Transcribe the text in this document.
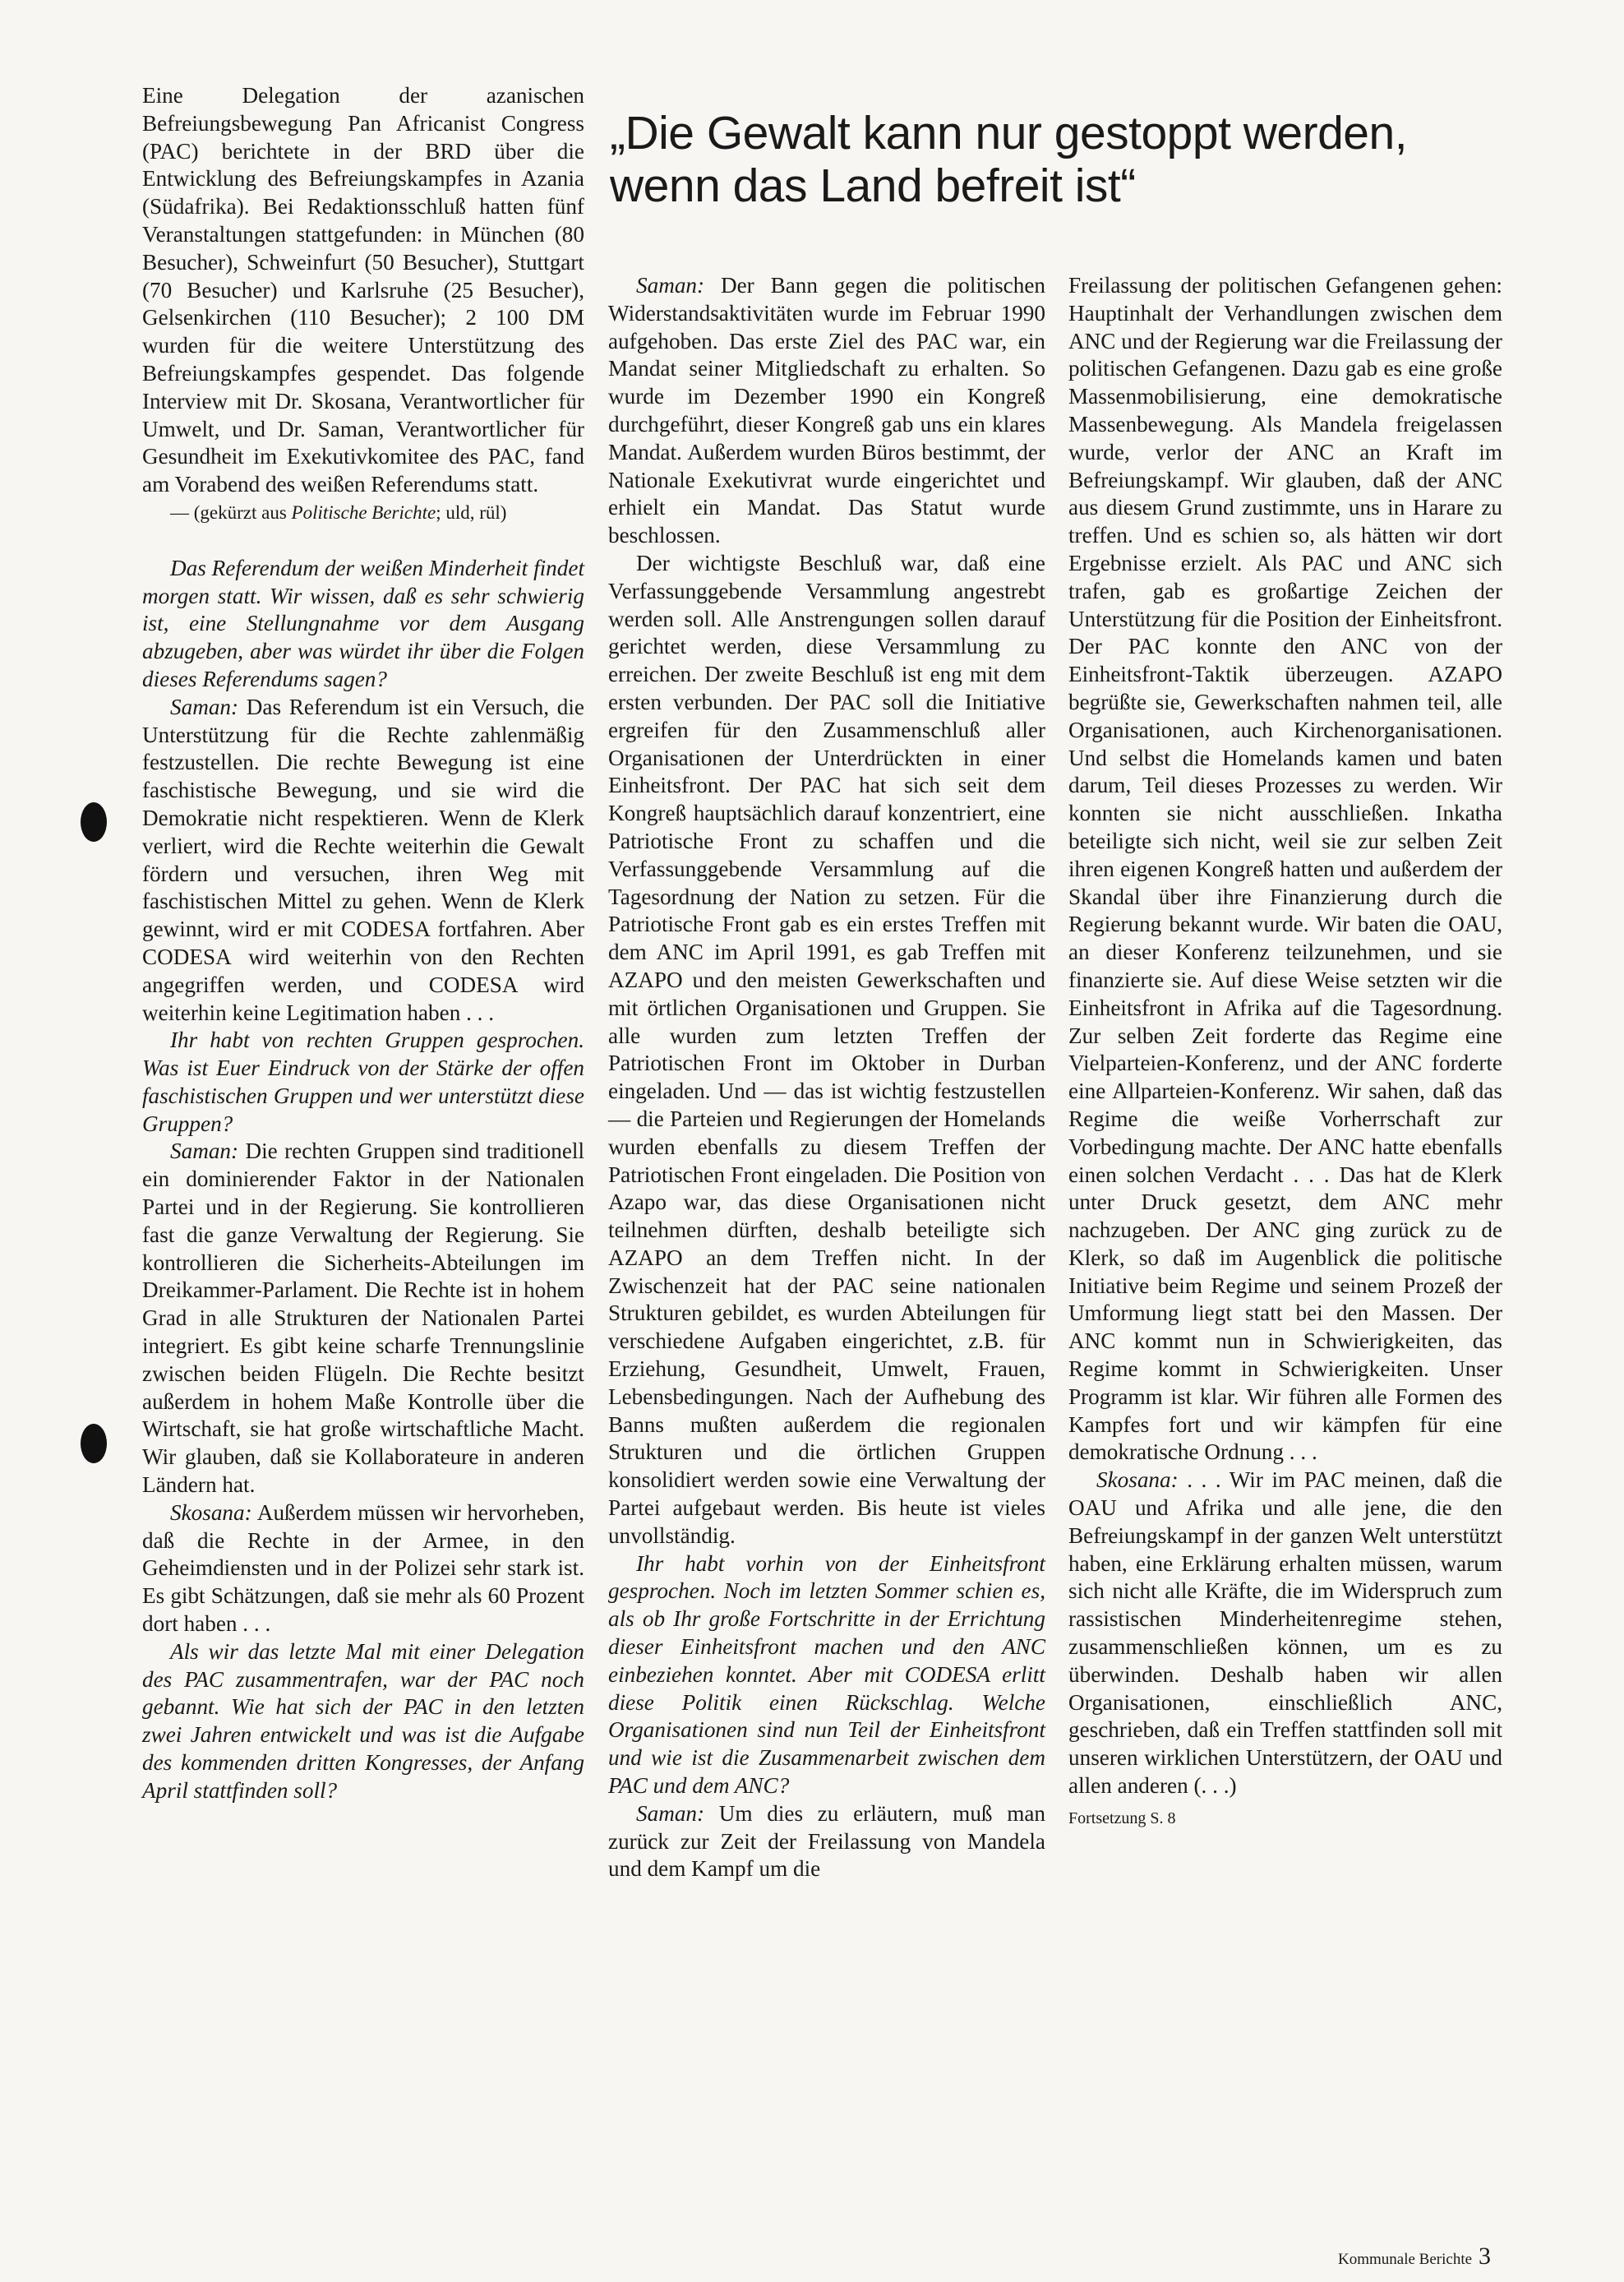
Eine Delegation der azanischen Befreiungsbewegung Pan Africanist Congress (PAC) berichtete in der BRD über die Entwicklung des Befreiungskampfes in Azania (Südafrika). Bei Redaktionsschluß hatten fünf Veranstaltungen stattgefunden: in München (80 Besucher), Schweinfurt (50 Besucher), Stuttgart (70 Besucher) und Karlsruhe (25 Besucher), Gelsenkirchen (110 Besucher); 2 100 DM wurden für die weitere Unterstützung des Befreiungskampfes gespendet. Das folgende Interview mit Dr. Skosana, Verantwortlicher für Umwelt, und Dr. Saman, Verantwortlicher für Gesundheit im Exekutivkomitee des PAC, fand am Vorabend des weißen Referendums statt.

— (gekürzt aus Politische Berichte; uld, rül)

Das Referendum der weißen Minderheit findet morgen statt. Wir wissen, daß es sehr schwierig ist, eine Stellungnahme vor dem Ausgang abzugeben, aber was würdet ihr über die Folgen dieses Referendums sagen?

Saman: Das Referendum ist ein Versuch, die Unterstützung für die Rechte zahlenmäßig festzustellen. Die rechte Bewegung ist eine faschistische Bewegung, und sie wird die Demokratie nicht respektieren. Wenn de Klerk verliert, wird die Rechte weiterhin die Gewalt fördern und versuchen, ihren Weg mit faschistischen Mittel zu gehen. Wenn de Klerk gewinnt, wird er mit CODESA fortfahren. Aber CODESA wird weiterhin von den Rechten angegriffen werden, und CODESA wird weiterhin keine Legitimation haben . . .

Ihr habt von rechten Gruppen gesprochen. Was ist Euer Eindruck von der Stärke der offen faschistischen Gruppen und wer unterstützt diese Gruppen?

Saman: Die rechten Gruppen sind traditionell ein dominierender Faktor in der Nationalen Partei und in der Regierung. Sie kontrollieren fast die ganze Verwaltung der Regierung. Sie kontrollieren die Sicherheits-Abteilungen im Dreikammer-Parlament. Die Rechte ist in hohem Grad in alle Strukturen der Nationalen Partei integriert. Es gibt keine scharfe Trennungslinie zwischen beiden Flügeln. Die Rechte besitzt außerdem in hohem Maße Kontrolle über die Wirtschaft, sie hat große wirtschaftliche Macht. Wir glauben, daß sie Kollaborateure in anderen Ländern hat.

Skosana: Außerdem müssen wir hervorheben, daß die Rechte in der Armee, in den Geheimdiensten und in der Polizei sehr stark ist. Es gibt Schätzungen, daß sie mehr als 60 Prozent dort haben . . .

Als wir das letzte Mal mit einer Delegation des PAC zusammentrafen, war der PAC noch gebannt. Wie hat sich der PAC in den letzten zwei Jahren entwickelt und was ist die Aufgabe des kommenden dritten Kongresses, der Anfang April stattfinden soll?

„Die Gewalt kann nur gestoppt werden, wenn das Land befreit ist“

Saman: Der Bann gegen die politischen Widerstandsaktivitäten wurde im Februar 1990 aufgehoben. Das erste Ziel des PAC war, ein Mandat seiner Mitgliedschaft zu erhalten. So wurde im Dezember 1990 ein Kongreß durchgeführt, dieser Kongreß gab uns ein klares Mandat. Außerdem wurden Büros bestimmt, der Nationale Exekutivrat wurde eingerichtet und erhielt ein Mandat. Das Statut wurde beschlossen.

Der wichtigste Beschluß war, daß eine Verfassunggebende Versammlung angestrebt werden soll. Alle Anstrengungen sollen darauf gerichtet werden, diese Versammlung zu erreichen. Der zweite Beschluß ist eng mit dem ersten verbunden. Der PAC soll die Initiative ergreifen für den Zusammenschluß aller Organisationen der Unterdrückten in einer Einheitsfront. Der PAC hat sich seit dem Kongreß hauptsächlich darauf konzentriert, eine Patriotische Front zu schaffen und die Verfassunggebende Versammlung auf die Tagesordnung der Nation zu setzen. Für die Patriotische Front gab es ein erstes Treffen mit dem ANC im April 1991, es gab Treffen mit AZAPO und den meisten Gewerkschaften und mit örtlichen Organisationen und Gruppen. Sie alle wurden zum letzten Treffen der Patriotischen Front im Oktober in Durban eingeladen. Und — das ist wichtig festzustellen — die Parteien und Regierungen der Homelands wurden ebenfalls zu diesem Treffen der Patriotischen Front eingeladen. Die Position von Azapo war, das diese Organisationen nicht teilnehmen dürften, deshalb beteiligte sich AZAPO an dem Treffen nicht. In der Zwischenzeit hat der PAC seine nationalen Strukturen gebildet, es wurden Abteilungen für verschiedene Aufgaben eingerichtet, z.B. für Erziehung, Gesundheit, Umwelt, Frauen, Lebensbedingungen. Nach der Aufhebung des Banns mußten außerdem die regionalen Strukturen und die örtlichen Gruppen konsolidiert werden sowie eine Verwaltung der Partei aufgebaut werden. Bis heute ist vieles unvollständig.

Ihr habt vorhin von der Einheitsfront gesprochen. Noch im letzten Sommer schien es, als ob Ihr große Fortschritte in der Errichtung dieser Einheitsfront machen und den ANC einbeziehen konntet. Aber mit CODESA erlitt diese Politik einen Rückschlag. Welche Organisationen sind nun Teil der Einheitsfront und wie ist die Zusammenarbeit zwischen dem PAC und dem ANC?

Saman: Um dies zu erläutern, muß man zurück zur Zeit der Freilassung von Mandela und dem Kampf um die

Freilassung der politischen Gefangenen gehen: Hauptinhalt der Verhandlungen zwischen dem ANC und der Regierung war die Freilassung der politischen Gefangenen. Dazu gab es eine große Massenmobilisierung, eine demokratische Massenbewegung. Als Mandela freigelassen wurde, verlor der ANC an Kraft im Befreiungskampf. Wir glauben, daß der ANC aus diesem Grund zustimmte, uns in Harare zu treffen. Und es schien so, als hätten wir dort Ergebnisse erzielt. Als PAC und ANC sich trafen, gab es großartige Zeichen der Unterstützung für die Position der Einheitsfront. Der PAC konnte den ANC von der Einheitsfront-Taktik überzeugen. AZAPO begrüßte sie, Gewerkschaften nahmen teil, alle Organisationen, auch Kirchenorganisationen. Und selbst die Homelands kamen und baten darum, Teil dieses Prozesses zu werden. Wir konnten sie nicht ausschließen. Inkatha beteiligte sich nicht, weil sie zur selben Zeit ihren eigenen Kongreß hatten und außerdem der Skandal über ihre Finanzierung durch die Regierung bekannt wurde. Wir baten die OAU, an dieser Konferenz teilzunehmen, und sie finanzierte sie. Auf diese Weise setzten wir die Einheitsfront in Afrika auf die Tagesordnung. Zur selben Zeit forderte das Regime eine Vielparteien-Konferenz, und der ANC forderte eine Allparteien-Konferenz. Wir sahen, daß das Regime die weiße Vorherrschaft zur Vorbedingung machte. Der ANC hatte ebenfalls einen solchen Verdacht . . . Das hat de Klerk unter Druck gesetzt, dem ANC mehr nachzugeben. Der ANC ging zurück zu de Klerk, so daß im Augenblick die politische Initiative beim Regime und seinem Prozeß der Umformung liegt statt bei den Massen. Der ANC kommt nun in Schwierigkeiten, das Regime kommt in Schwierigkeiten. Unser Programm ist klar. Wir führen alle Formen des Kampfes fort und wir kämpfen für eine demokratische Ordnung . . .

Skosana: . . . Wir im PAC meinen, daß die OAU und Afrika und alle jene, die den Befreiungskampf in der ganzen Welt unterstützt haben, eine Erklärung erhalten müssen, warum sich nicht alle Kräfte, die im Widerspruch zum rassistischen Minderheitenregime stehen, zusammenschließen können, um es zu überwinden. Deshalb haben wir allen Organisationen, einschließlich ANC, geschrieben, daß ein Treffen stattfinden soll mit unseren wirklichen Unterstützern, der OAU und allen anderen (. . .)

Fortsetzung S. 8

Kommunale Berichte 3
